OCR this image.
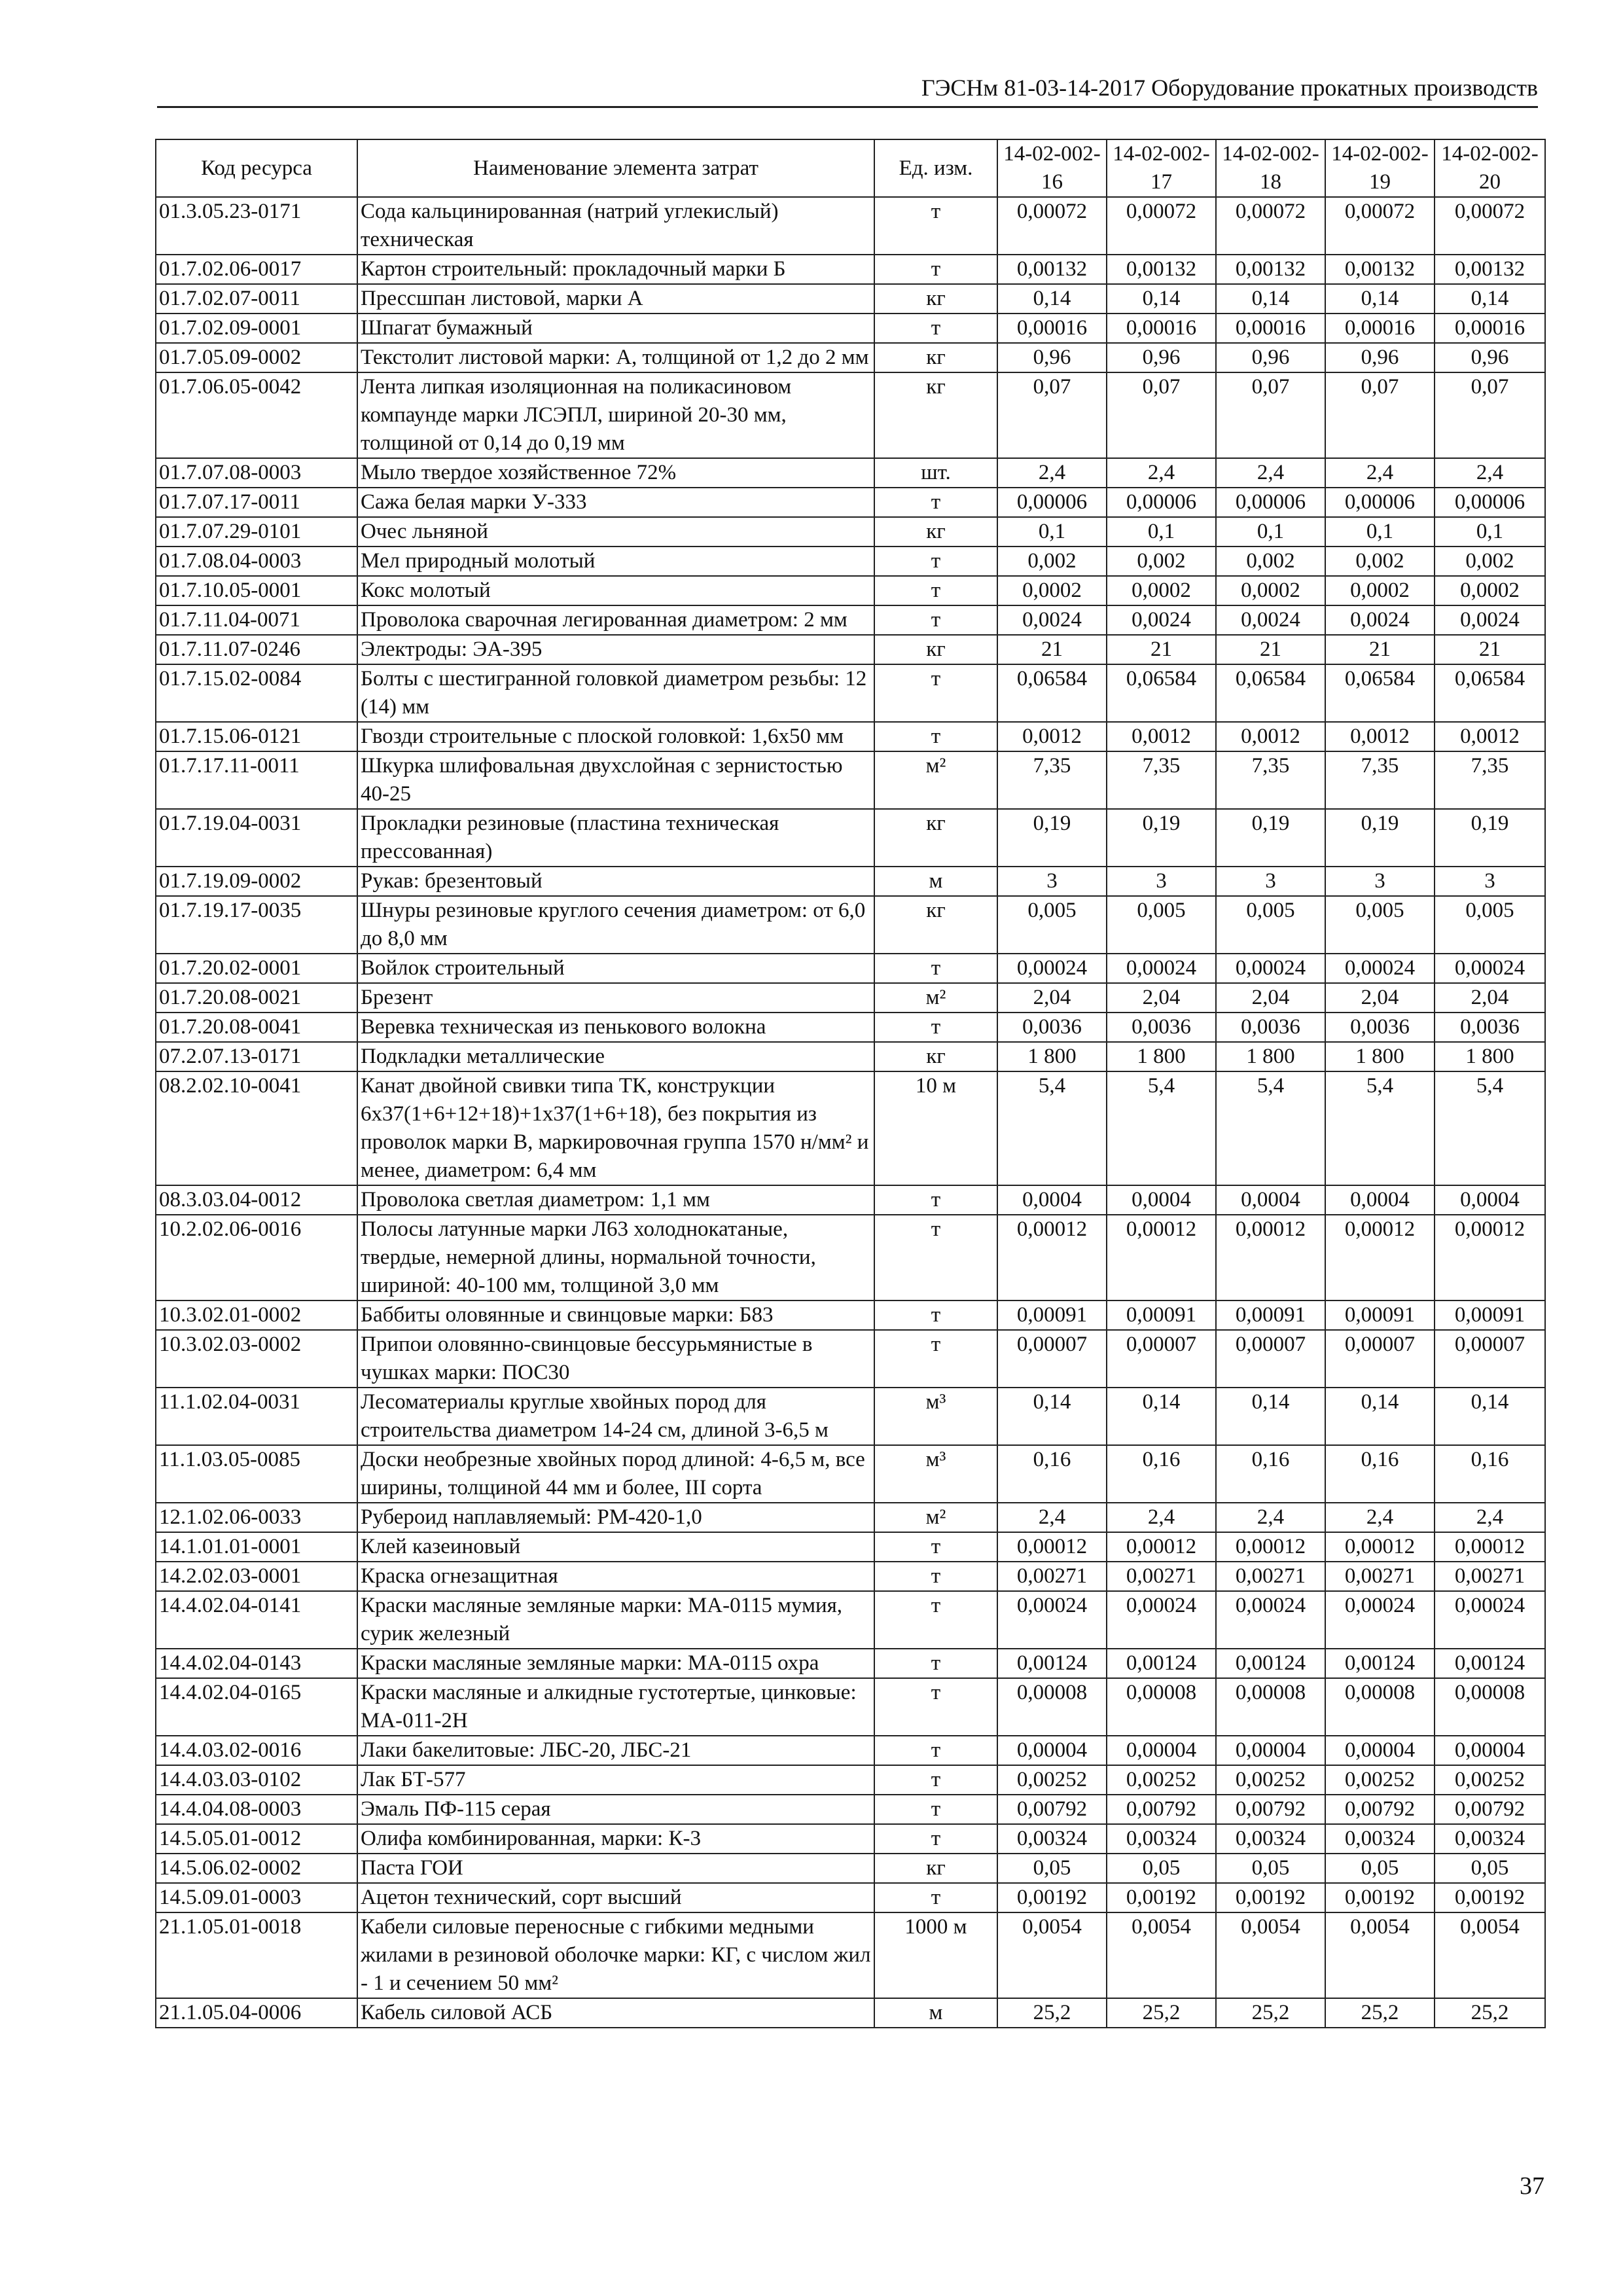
ГЭСНм 81-03-14-2017 Оборудование прокатных производств
Код ресурса	Наименование элемента затрат	Ед. изм.	14-02-002-16	14-02-002-17	14-02-002-18	14-02-002-19	14-02-002-20
01.3.05.23-0171	Сода кальцинированная (натрий углекислый) техническая	т	0,00072	0,00072	0,00072	0,00072	0,00072
01.7.02.06-0017	Картон строительный: прокладочный марки Б	т	0,00132	0,00132	0,00132	0,00132	0,00132
01.7.02.07-0011	Прессшпан листовой, марки А	кг	0,14	0,14	0,14	0,14	0,14
01.7.02.09-0001	Шпагат бумажный	т	0,00016	0,00016	0,00016	0,00016	0,00016
01.7.05.09-0002	Текстолит листовой марки: А, толщиной от 1,2 до 2 мм	кг	0,96	0,96	0,96	0,96	0,96
01.7.06.05-0042	Лента липкая изоляционная на поликасиновом компаунде марки ЛСЭПЛ, шириной 20-30 мм, толщиной от 0,14 до 0,19 мм	кг	0,07	0,07	0,07	0,07	0,07
01.7.07.08-0003	Мыло твердое хозяйственное 72%	шт.	2,4	2,4	2,4	2,4	2,4
01.7.07.17-0011	Сажа белая марки У-333	т	0,00006	0,00006	0,00006	0,00006	0,00006
01.7.07.29-0101	Очес льняной	кг	0,1	0,1	0,1	0,1	0,1
01.7.08.04-0003	Мел природный молотый	т	0,002	0,002	0,002	0,002	0,002
01.7.10.05-0001	Кокс молотый	т	0,0002	0,0002	0,0002	0,0002	0,0002
01.7.11.04-0071	Проволока сварочная легированная диаметром: 2 мм	т	0,0024	0,0024	0,0024	0,0024	0,0024
01.7.11.07-0246	Электроды: ЭА-395	кг	21	21	21	21	21
01.7.15.02-0084	Болты с шестигранной головкой диаметром резьбы: 12 (14) мм	т	0,06584	0,06584	0,06584	0,06584	0,06584
01.7.15.06-0121	Гвозди строительные с плоской головкой: 1,6х50 мм	т	0,0012	0,0012	0,0012	0,0012	0,0012
01.7.17.11-0011	Шкурка шлифовальная двухслойная с зернистостью 40-25	м²	7,35	7,35	7,35	7,35	7,35
01.7.19.04-0031	Прокладки резиновые (пластина техническая прессованная)	кг	0,19	0,19	0,19	0,19	0,19
01.7.19.09-0002	Рукав: брезентовый	м	3	3	3	3	3
01.7.19.17-0035	Шнуры резиновые круглого сечения диаметром: от 6,0 до 8,0 мм	кг	0,005	0,005	0,005	0,005	0,005
01.7.20.02-0001	Войлок строительный	т	0,00024	0,00024	0,00024	0,00024	0,00024
01.7.20.08-0021	Брезент	м²	2,04	2,04	2,04	2,04	2,04
01.7.20.08-0041	Веревка техническая из пенькового волокна	т	0,0036	0,0036	0,0036	0,0036	0,0036
07.2.07.13-0171	Подкладки металлические	кг	1 800	1 800	1 800	1 800	1 800
08.2.02.10-0041	Канат двойной свивки типа ТК, конструкции 6х37(1+6+12+18)+1х37(1+6+18), без покрытия из проволок марки В, маркировочная группа 1570 н/мм² и менее, диаметром: 6,4 мм	10 м	5,4	5,4	5,4	5,4	5,4
08.3.03.04-0012	Проволока светлая диаметром: 1,1 мм	т	0,0004	0,0004	0,0004	0,0004	0,0004
10.2.02.06-0016	Полосы латунные марки Л63 холоднокатаные, твердые, немерной длины, нормальной точности, шириной: 40-100 мм, толщиной 3,0 мм	т	0,00012	0,00012	0,00012	0,00012	0,00012
10.3.02.01-0002	Баббиты оловянные и свинцовые марки: Б83	т	0,00091	0,00091	0,00091	0,00091	0,00091
10.3.02.03-0002	Припои оловянно-свинцовые бессурьмянистые в чушках марки: ПОС30	т	0,00007	0,00007	0,00007	0,00007	0,00007
11.1.02.04-0031	Лесоматериалы круглые хвойных пород для строительства диаметром 14-24 см, длиной 3-6,5 м	м³	0,14	0,14	0,14	0,14	0,14
11.1.03.05-0085	Доски необрезные хвойных пород длиной: 4-6,5 м, все ширины, толщиной 44 мм и более, III сорта	м³	0,16	0,16	0,16	0,16	0,16
12.1.02.06-0033	Рубероид наплавляемый: РМ-420-1,0	м²	2,4	2,4	2,4	2,4	2,4
14.1.01.01-0001	Клей казеиновый	т	0,00012	0,00012	0,00012	0,00012	0,00012
14.2.02.03-0001	Краска огнезащитная	т	0,00271	0,00271	0,00271	0,00271	0,00271
14.4.02.04-0141	Краски масляные земляные марки: МА-0115 мумия, сурик железный	т	0,00024	0,00024	0,00024	0,00024	0,00024
14.4.02.04-0143	Краски масляные земляные марки: МА-0115 охра	т	0,00124	0,00124	0,00124	0,00124	0,00124
14.4.02.04-0165	Краски масляные и алкидные густотертые, цинковые: МА-011-2Н	т	0,00008	0,00008	0,00008	0,00008	0,00008
14.4.03.02-0016	Лаки бакелитовые: ЛБС-20, ЛБС-21	т	0,00004	0,00004	0,00004	0,00004	0,00004
14.4.03.03-0102	Лак БТ-577	т	0,00252	0,00252	0,00252	0,00252	0,00252
14.4.04.08-0003	Эмаль ПФ-115 серая	т	0,00792	0,00792	0,00792	0,00792	0,00792
14.5.05.01-0012	Олифа комбинированная, марки: К-3	т	0,00324	0,00324	0,00324	0,00324	0,00324
14.5.06.02-0002	Паста ГОИ	кг	0,05	0,05	0,05	0,05	0,05
14.5.09.01-0003	Ацетон технический, сорт высший	т	0,00192	0,00192	0,00192	0,00192	0,00192
21.1.05.01-0018	Кабели силовые переносные с гибкими медными жилами в резиновой оболочке марки: КГ, с числом жил - 1 и сечением 50 мм²	1000 м	0,0054	0,0054	0,0054	0,0054	0,0054
21.1.05.04-0006	Кабель силовой АСБ	м	25,2	25,2	25,2	25,2	25,2
37
